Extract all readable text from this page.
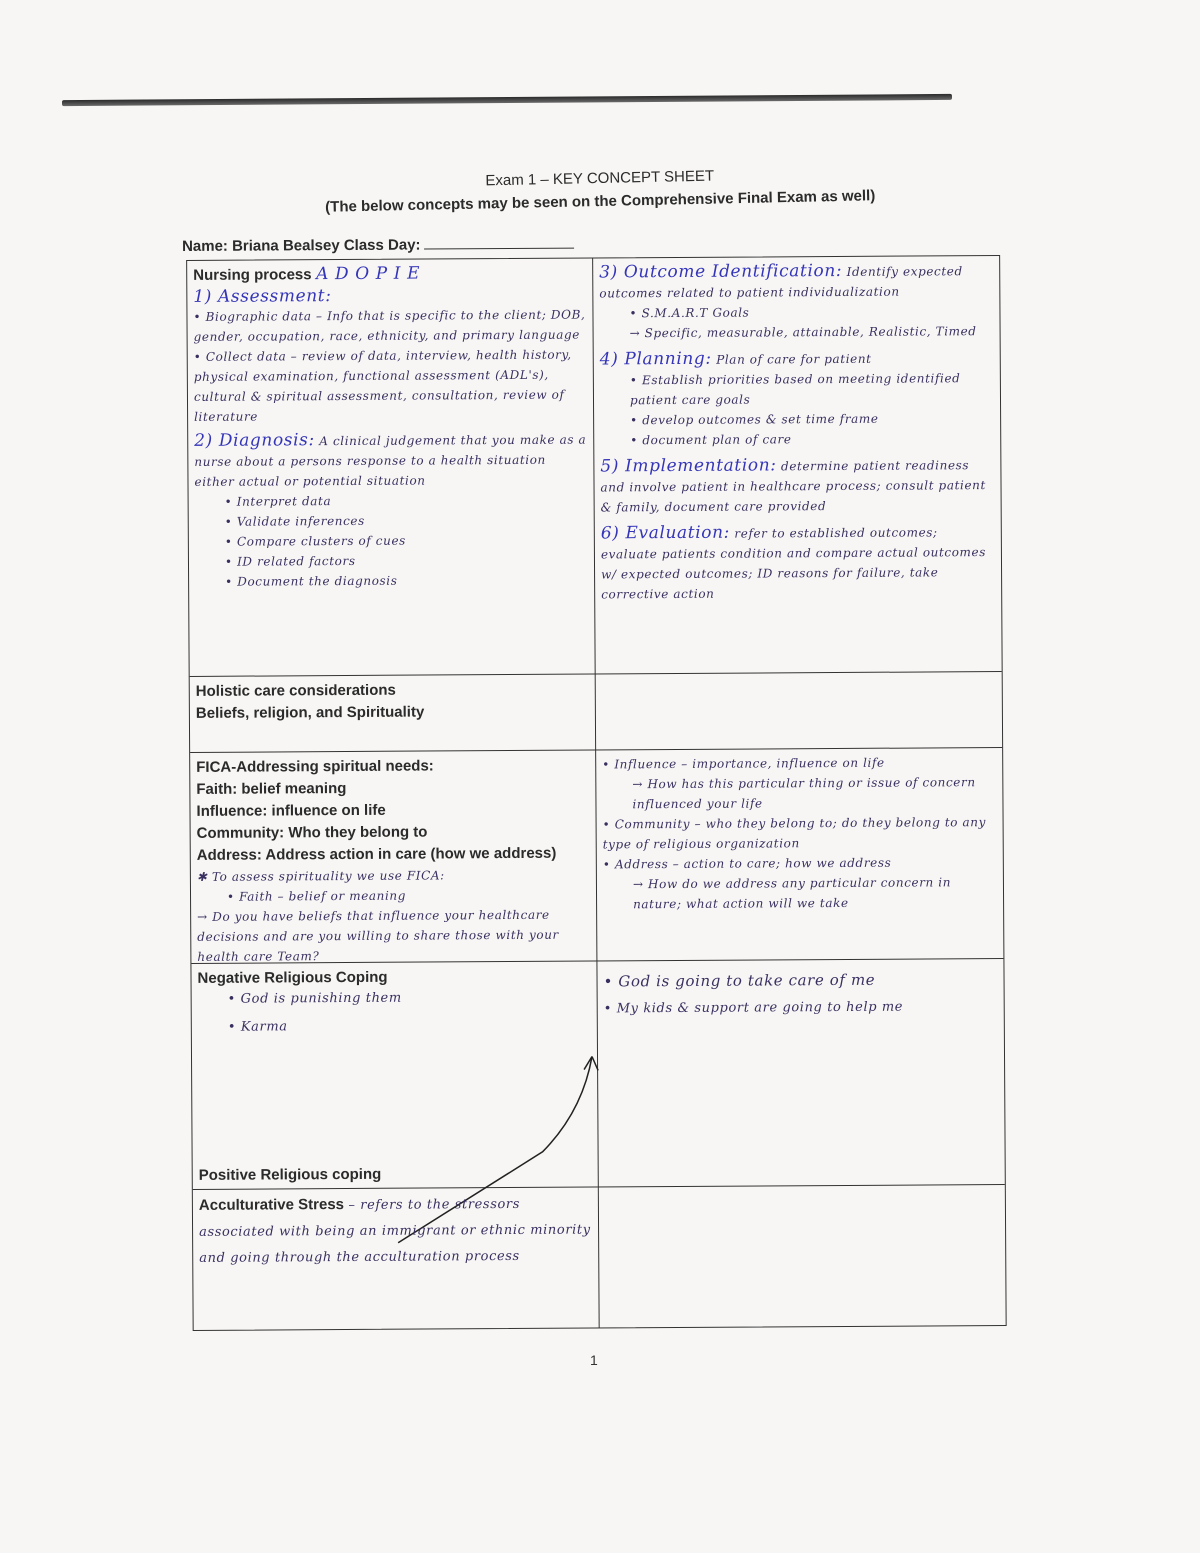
Exam 1 – KEY CONCEPT SHEET
(The below concepts may be seen on the Comprehensive Final Exam as well)
Name: Briana Bealsey Class Day:
Nursing process A D O P I E
1) Assessment:
• Biographic data – Info that is specific to the client; DOB, gender, occupation, race, ethnicity, and primary language
• Collect data – review of data, interview, health history, physical examination, functional assessment (ADL's), cultural & spiritual assessment, consultation, review of literature
2) Diagnosis: A clinical judgement that you make as a nurse about a persons response to a health situation either actual or potential situation
• Interpret data
• Validate inferences
• Compare clusters of cues
• ID related factors
• Document the diagnosis
3) Outcome Identification: Identify expected outcomes related to patient individualization
• S.M.A.R.T Goals
→ Specific, measurable, attainable, Realistic, Timed
4) Planning: Plan of care for patient
• Establish priorities based on meeting identified patient care goals
• develop outcomes & set time frame
• document plan of care
5) Implementation: determine patient readiness and involve patient in healthcare process; consult patient & family, document care provided
6) Evaluation: refer to established outcomes; evaluate patients condition and compare actual outcomes w/ expected outcomes; ID reasons for failure, take corrective action
Holistic care considerations
Beliefs, religion, and Spirituality
FICA-Addressing spiritual needs:
Faith: belief meaning
Influence: influence on life
Community: Who they belong to
Address: Address action in care (how we address)
✱ To assess spirituality we use FICA:
• Faith – belief or meaning
→ Do you have beliefs that influence your healthcare decisions and are you willing to share those with your health care Team?
• Influence – importance, influence on life
→ How has this particular thing or issue of concern influenced your life
• Community – who they belong to; do they belong to any type of religious organization
• Address – action to care; how we address
→ How do we address any particular concern in nature; what action will we take
Negative Religious Coping
• God is punishing them
• Karma
Positive Religious coping
• God is going to take care of me
• My kids & support are going to help me
Acculturative Stress – refers to the stressors associated with being an immigrant or ethnic minority and going through the acculturation process
1
